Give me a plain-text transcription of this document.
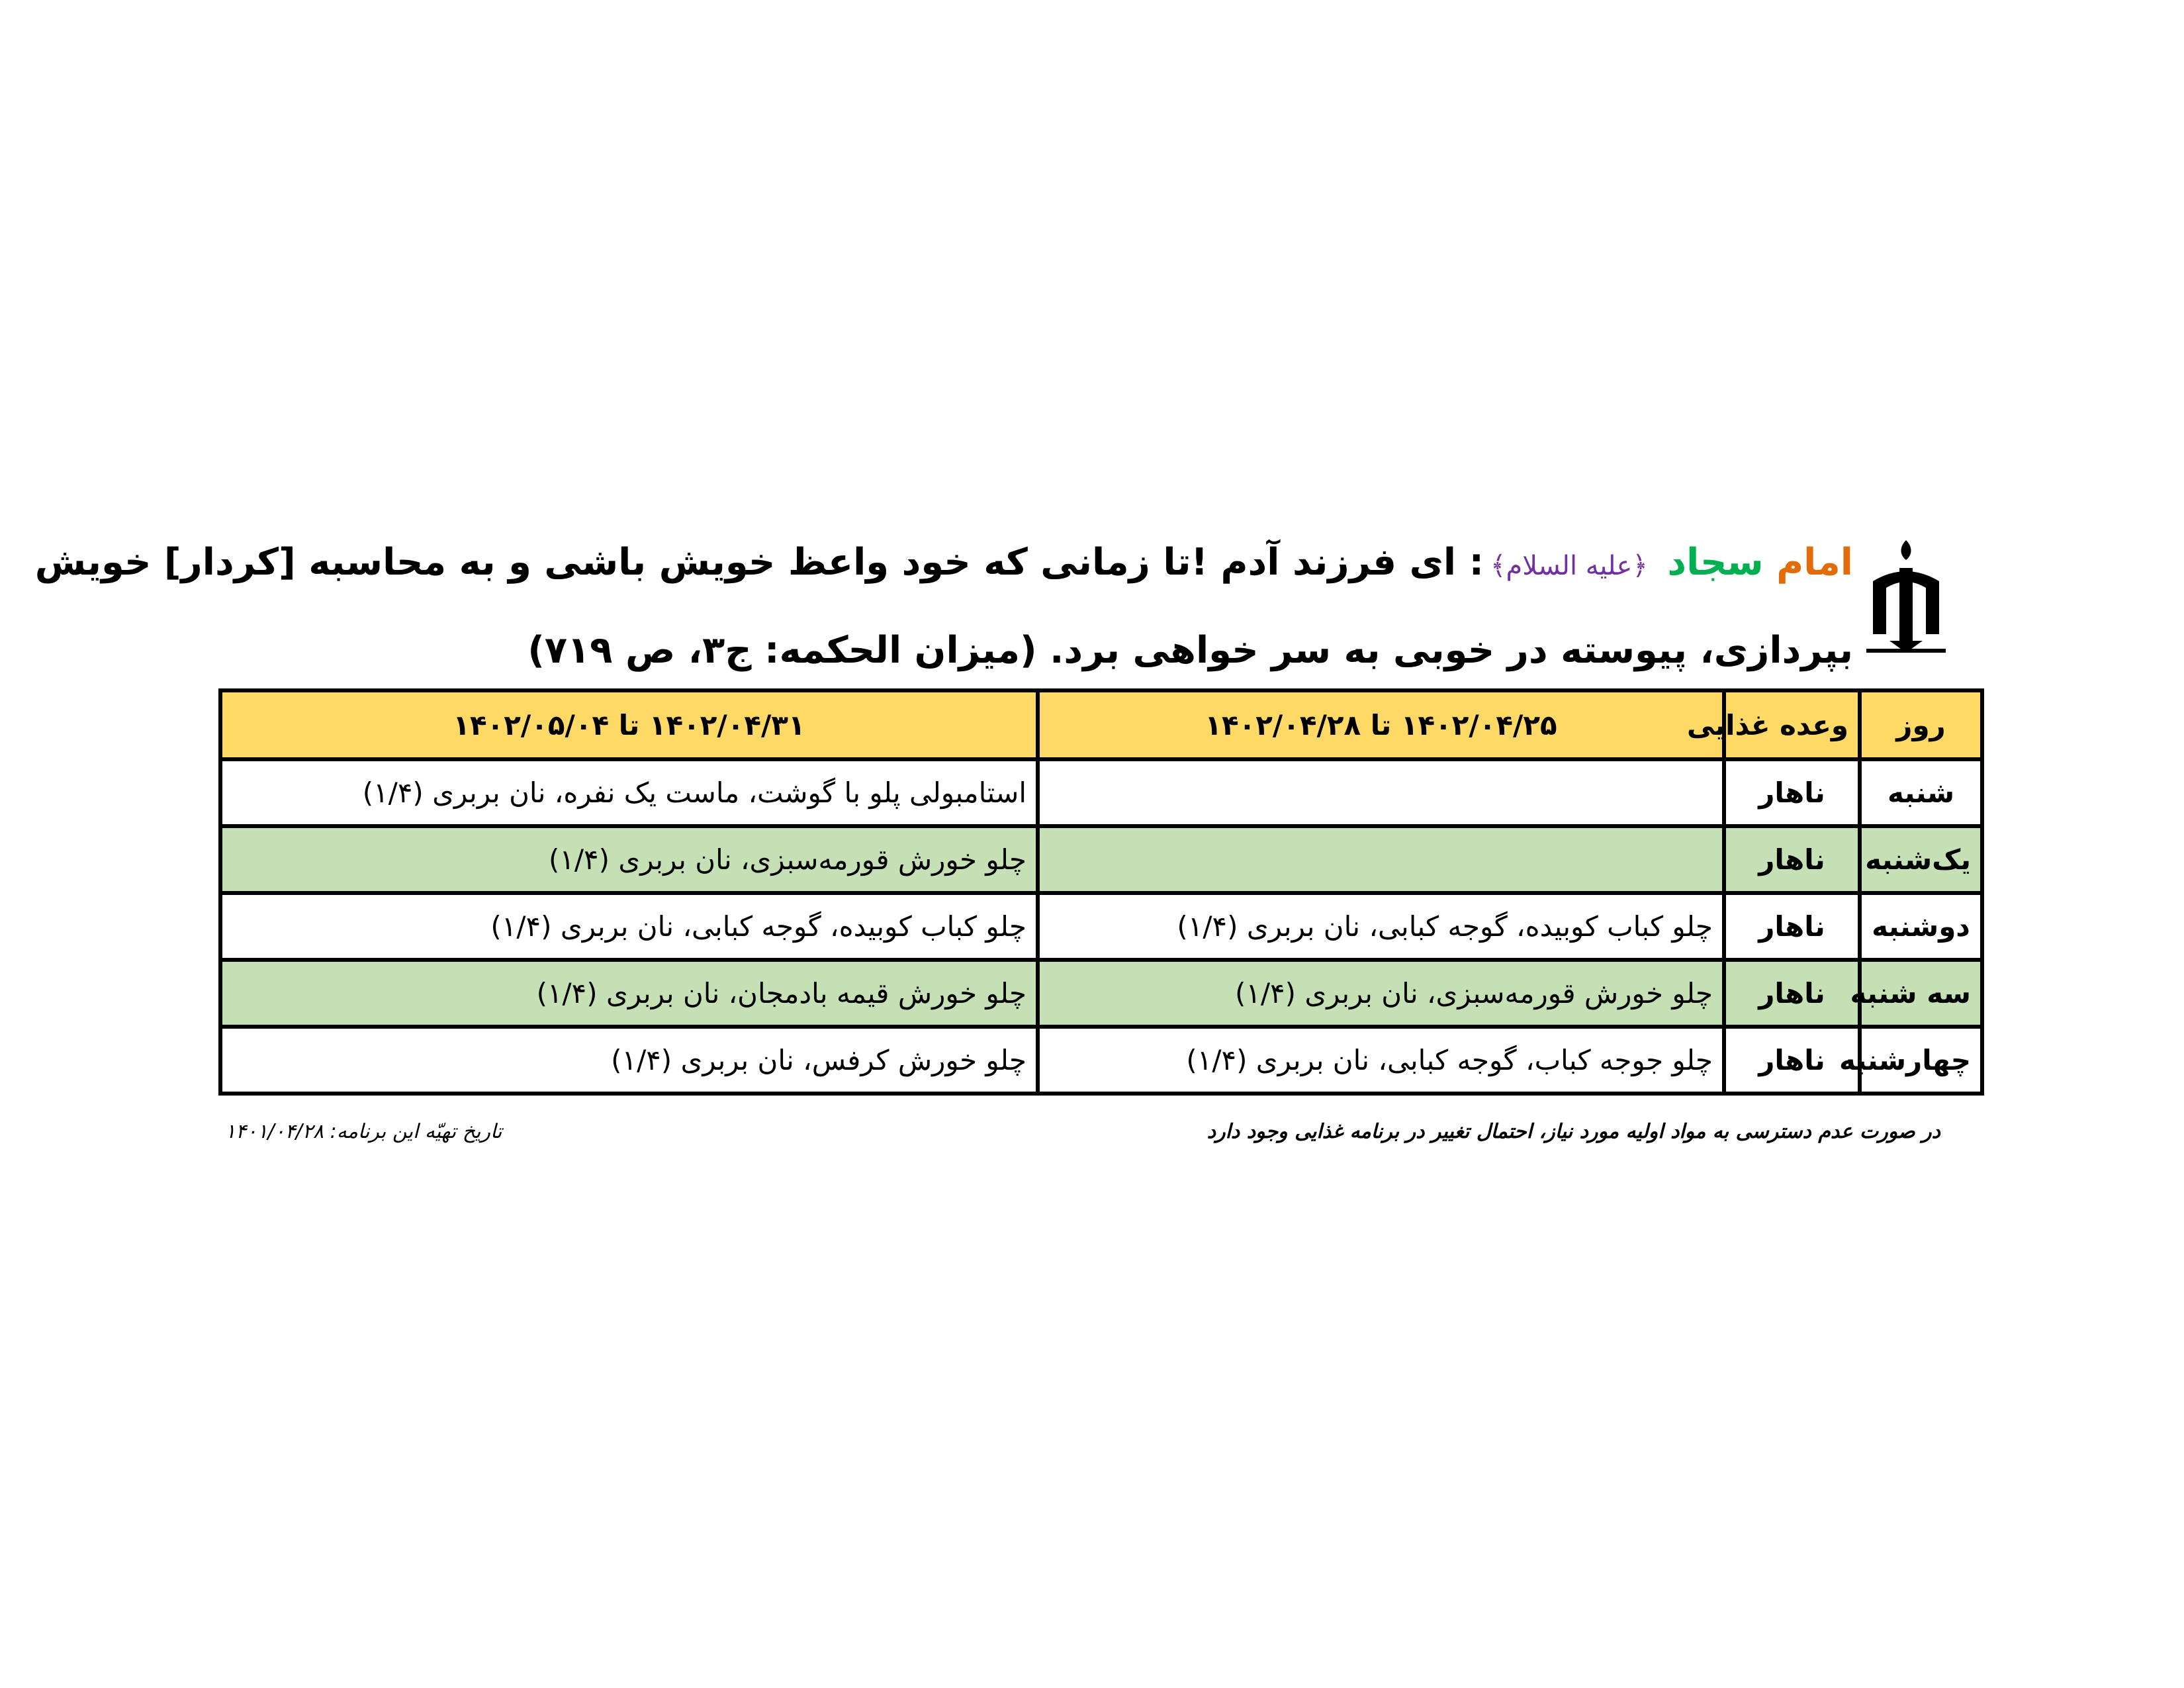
امام سجاد ﴿علیه السلام﴾: ای فرزند آدم !تا زمانی که خود واعظ خویش باشی و به محاسبه [کردار] خویش
بپردازی، پیوسته در خوبی به سر خواهی برد. (میزان الحکمه: ج۳، ص ۷۱۹)
روز	وعده غذایی	۱۴۰۲/۰۴/۲۵ تا ۱۴۰۲/۰۴/۲۸	۱۴۰۲/۰۴/۳۱ تا ۱۴۰۲/۰۵/۰۴
شنبه	ناهار		استامبولی پلو با گوشت، ماست یک نفره، نان بربری (۱/۴)
یک‌شنبه	ناهار		چلو خورش قورمه‌سبزی، نان بربری (۱/۴)
دوشنبه	ناهار	چلو کباب کوبیده، گوجه کبابی، نان بربری (۱/۴)	چلو کباب کوبیده، گوجه کبابی، نان بربری (۱/۴)
سه شنبه	ناهار	چلو خورش قورمه‌سبزی، نان بربری (۱/۴)	چلو خورش قیمه بادمجان، نان بربری (۱/۴)
چهارشنبه	ناهار	چلو جوجه کباب، گوجه کبابی، نان بربری (۱/۴)	چلو خورش کرفس، نان بربری (۱/۴)
در صورت عدم دسترسی به مواد اولیه مورد نیاز، احتمال تغییر در برنامه غذایی وجود دارد
تاریخ تهیّه این برنامه: ۱۴۰۱/۰۴/۲۸
